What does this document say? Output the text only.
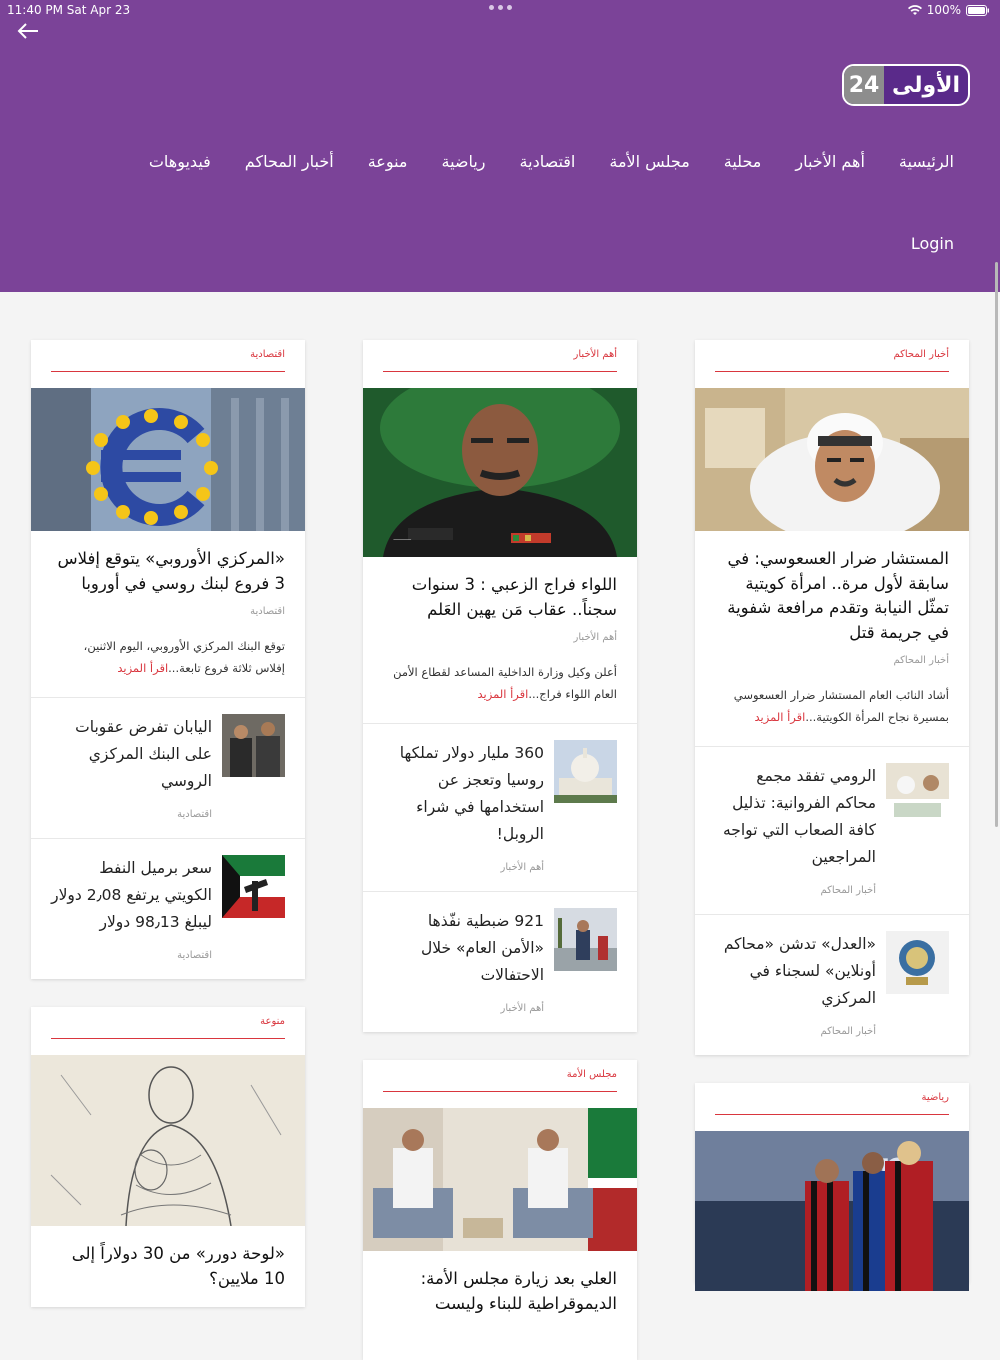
11:40 PM Sat Apr 23	100%
24 الأولى
الرئيسية
أهم الأخبار
محلية
مجلس الأمة
اقتصادية
رياضية
منوعة
أخبار المحاكم
فيديوهات
Login
أخبار المحاكم
المستشار ضرار العسعوسي: في سابقة لأول مرة.. امرأة كويتية تمثّل النيابة وتقدم مرافعة شفوية في جريمة قتل
أخبار المحاكم
أشاد النائب العام المستشار ضرار العسعوسي بمسيرة نجاح المرأة الكويتية...اقرأ المزيد
الرومي تفقد مجمع محاكم الفروانية: تذليل كافة الصعاب التي تواجه المراجعين
أخبار المحاكم
«العدل» تدشن «محاكم أونلاين» لسجناء في المركزي
أخبار المحاكم
رياضية
أهم الأخبار
_____
اللواء فراج الزعبي : 3 سنوات سجناً.. عقاب مَن يهين العَلم
أهم الأخبار
أعلن وكيل وزارة الداخلية المساعد لقطاع الأمن العام اللواء فراج...اقرأ المزيد
360 مليار دولار تملكها روسيا وتعجز عن استخدامها في شراء الروبل!
أهم الأخبار
921 ضبطية نفّذها «الأمن العام» خلال الاحتفالات
أهم الأخبار
مجلس الأمة
العلي بعد زيارة مجلس الأمة: الديموقراطية للبناء وليست
اقتصادية
«المركزي الأوروبي» يتوقع إفلاس 3 فروع لبنك روسي في أوروبا
اقتصادية
توقع البنك المركزي الأوروبي، اليوم الاثنين، إفلاس ثلاثة فروع تابعة...اقرأ المزيد
اليابان تفرض عقوبات على البنك المركزي الروسي
اقتصادية
سعر برميل النفط الكويتي يرتفع 2٫08 دولار ليبلغ 98٫13 دولار
اقتصادية
منوعة
«لوحة دورر» من 30 دولاراً إلى 10 ملايين؟
